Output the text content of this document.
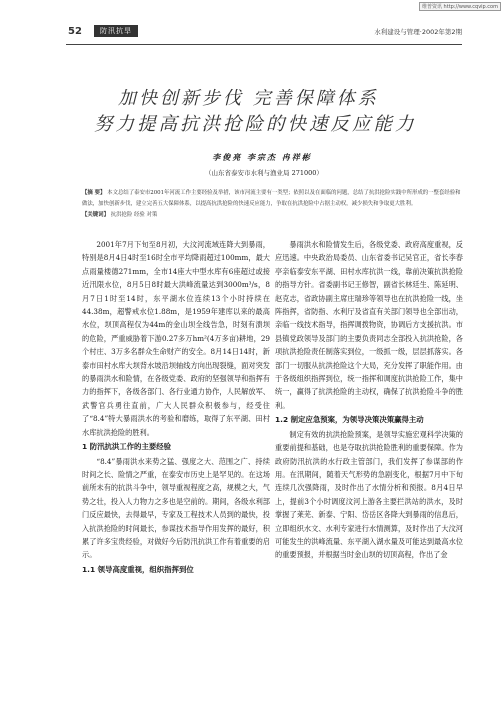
维普资讯 http://www.cqvip.com
52	防汛抗旱	水利建设与管理·2002年第2期
加快创新步伐 完善保障体系
努力提高抗洪抢险的快速反应能力
李俊亮 李宗杰 冉祥彬
（山东省泰安市水利与渔业局 271000）
【摘 要】 本文总结了泰安市2001年河流工作主要经验及举措，该市河流主要有一类型；依照以及在面临的问题，总结了抗洪抢险实践中所形成的一整套经验和做法，加快创新步伐，建立完善五大保障体系，以提高抗洪抢险的快速反应能力，争取在抗洪抢险中占据主动权，减少损失和争取更大胜利。
【关键词】 抗洪抢险 经验 对策

2001年7月下旬至8月初，大汶河流域连降大到暴雨，特别是8月4日4时至16时全市平均降雨超过100mm，最大点雨量楼德271mm，全市14座大中型水库有6座超过或接近汛限水位，8月5日8时最大洪峰流量达到3000m³/s，8月7日1时至14时，东平湖水位连续13个小时持续在44.38m，超警戒水位1.88m，是1959年建库以来的最高水位，坝顶高程仅为44m的金山坝全线告急，时刻有溃坝的危险，严重威胁着下游0.27多万hm²(4万多亩)耕地，29个村庄、3万多名群众生命财产的安全。8月14日14时，新泰市田村水库大坝背水坡沿坝轴线方向出现裂缝，面对突发的暴雨洪水和险情，在各级党委、政府的坚强领导和指挥有力的指挥下，各级各部门、各行业通力协作，人民解放军、武警官兵勇往直前，广大人民群众积极参与，经受住了“8.4”特大暴雨洪水的考验和磨练，取得了东平湖、田村水库抗洪抢险的胜利。

1 防汛抗洪工作的主要经验

“8.4”暴雨洪水来势之猛、强度之大、范围之广、持续时间之长、险情之严重，在泰安市历史上是罕见的。在这场前所未有的抗洪斗争中，领导重视程度之高，规模之大，气势之壮，投入人力物力之多也是空前的。期间，各级水利部门反应最快，去得最早，专家及工程技术人员到的最快，投入抗洪抢险的时间最长，参谋技术指导作用发挥的最好，积累了许多宝贵经验，对做好今后防汛抗洪工作有着重要的启示。

1.1 领导高度重视，组织指挥到位

暴雨洪水和险情发生后，各级党委、政府高度重视，反应迅速。中央政治局委员、山东省委书记吴官正，省长李春亭亲临泰安东平湖、田村水库抗洪一线，靠前决策抗洪抢险的指导方针。省委副书记王修智，副省长林廷生、陈延明、赵克志，省政协副主席庄瑞珍等领导也在抗洪抢险一线，坐阵指挥，省防指、水利厅及省直有关部门领导也全部出动，亲临一线技术指导，指挥调拨物资，协调后方支援抗洪。市县镇党政领导及部门的主要负责同志全部投入抗洪抢险，各项抗洪抢险责任制落实到位，一级抓一级，层层抓落实。各部门一切服从抗洪抢险这个大局，充分发挥了职能作用。由于各级组织指挥到位，统一指挥和调度抗洪抢险工作，集中统一，赢得了抗洪抢险的主动权，确保了抗洪抢险斗争的胜利。

1.2 制定应急预案，为领导决策决策赢得主动

制定有效的抗洪抢险预案，是领导实施宏观科学决策的重要前提和基础，也是夺取抗洪抢险胜利的重要保障。作为政府防汛抗洪的水行政主管部门，我们发挥了参谋部的作用。在汛期间，随着天气形势的急剧变化，根据7月中下旬连续几次强降雨，及时作出了水情分析和预报。8月4日早上，提前3个小时调度汶河上游各主要拦洪站的洪水，及时掌握了莱芜、新泰、宁阳、岱岳区各降大到暴雨的信息后，立即组织水文、水利专家进行水情测算，及时作出了大汶河可能发生的洪峰流量、东平湖入湖水量及可能达到最高水位的重要预报，并根据当时金山坝的切顶高程，作出了金
